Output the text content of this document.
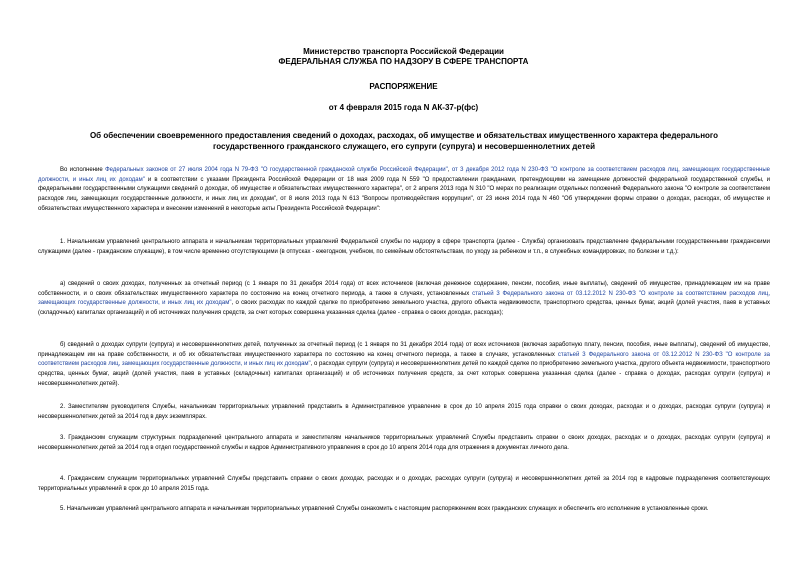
Министерство транспорта Российской Федерации
ФЕДЕРАЛЬНАЯ СЛУЖБА ПО НАДЗОРУ В СФЕРЕ ТРАНСПОРТА
РАСПОРЯЖЕНИЕ
от 4 февраля 2015 года N АК-37-р(фс)
Об обеспечении своевременного предоставления сведений о доходах, расходах, об имуществе и обязательствах имущественного характера федерального государственного гражданского служащего, его супруги (супруга) и несовершеннолетних детей

Во исполнение Федеральных законов от 27 июля 2004 года N 79-ФЗ "О государственной гражданской службе Российской Федерации", от 3 декабря 2012 года N 230-ФЗ "О контроле за соответствием расходов лиц, замещающих государственные должности, и иных лиц их доходам" и в соответствии с указами Президента Российской Федерации от 18 мая 2009 года N 559 "О предоставлении гражданами, претендующими на замещение должностей федеральной государственной службы, и федеральными государственными служащими сведений о доходах, об имуществе и обязательствах имущественного характера", от 2 апреля 2013 года N 310 "О мерах по реализации отдельных положений Федерального закона "О контроле за соответствием расходов лиц, замещающих государственные должности, и иных лиц их доходам", от 8 июля 2013 года N 613 "Вопросы противодействия коррупции", от 23 июня 2014 года N 460 "Об утверждении формы справки о доходах, расходах, об имуществе и обязательствах имущественного характера и внесении изменений в некоторые акты Президента Российской Федерации":

1. Начальникам управлений центрального аппарата и начальникам территориальных управлений Федеральной службы по надзору в сфере транспорта (далее - Служба) организовать представление федеральными государственными гражданскими служащими (далее - гражданские служащие), в том числе временно отсутствующими (в отпусках - ежегодном, учебном, по семейным обстоятельствам, по уходу за ребенком и т.п., в служебных командировках, по болезни и т.д.):

а) сведений о своих доходах, полученных за отчетный период (с 1 января по 31 декабря 2014 года) от всех источников (включая денежное содержание, пенсии, пособия, иные выплаты), сведений об имуществе, принадлежащем им на праве собственности, и о своих обязательствах имущественного характера по состоянию на конец отчетного периода, а также в случаях, установленных статьей 3 Федерального закона от 03.12.2012 N 230-ФЗ "О контроле за соответствием расходов лиц, замещающих государственные должности, и иных лиц их доходам", о своих расходах по каждой сделке по приобретению земельного участка, другого объекта недвижимости, транспортного средства, ценных бумаг, акций (долей участия, паев в уставных (складочных) капиталах организаций) и об источниках получения средств, за счет которых совершена указанная сделка (далее - справка о своих доходах, расходах);

б) сведений о доходах супруги (супруга) и несовершеннолетних детей, полученных за отчетный период (с 1 января по 31 декабря 2014 года) от всех источников (включая заработную плату, пенсии, пособия, иные выплаты), сведений об имуществе, принадлежащем им на праве собственности, и об их обязательствах имущественного характера по состоянию на конец отчетного периода, а также в случаях, установленных статьей 3 Федерального закона от 03.12.2012 N 230-ФЗ "О контроле за соответствием расходов лиц, замещающих государственные должности, и иных лиц их доходам", о расходах супруги (супруга) и несовершеннолетних детей по каждой сделке по приобретению земельного участка, другого объекта недвижимости, транспортного средства, ценных бумаг, акций (долей участия, паев в уставных (складочных) капиталах организаций) и об источниках получения средств, за счет которых совершена указанная сделка (далее - справка о доходах, расходах супруги (супруга) и несовершеннолетних детей).

2. Заместителям руководителя Службы, начальникам территориальных управлений представить в Административное управление в срок до 10 апреля 2015 года справки о своих доходах, расходах и о доходах, расходах супруги (супруга) и несовершеннолетних детей за 2014 год в двух экземплярах.

3. Гражданским служащим структурных подразделений центрального аппарата и заместителям начальников территориальных управлений Службы представить справки о своих доходах, расходах и о доходах, расходах супруги (супруга) и несовершеннолетних детей за 2014 год в отдел государственной службы и кадров Административного управления в срок до 10 апреля 2014 года для отражения в документах личного дела.

4. Гражданским служащим территориальных управлений Службы представить справки о своих доходах, расходах и о доходах, расходах супруги (супруга) и несовершеннолетних детей за 2014 год в кадровые подразделения соответствующих территориальных управлений в срок до 10 апреля 2015 года.

5. Начальникам управлений центрального аппарата и начальникам территориальных управлений Службы ознакомить с настоящим распоряжением всех гражданских служащих и обеспечить его исполнение в установленные сроки.
